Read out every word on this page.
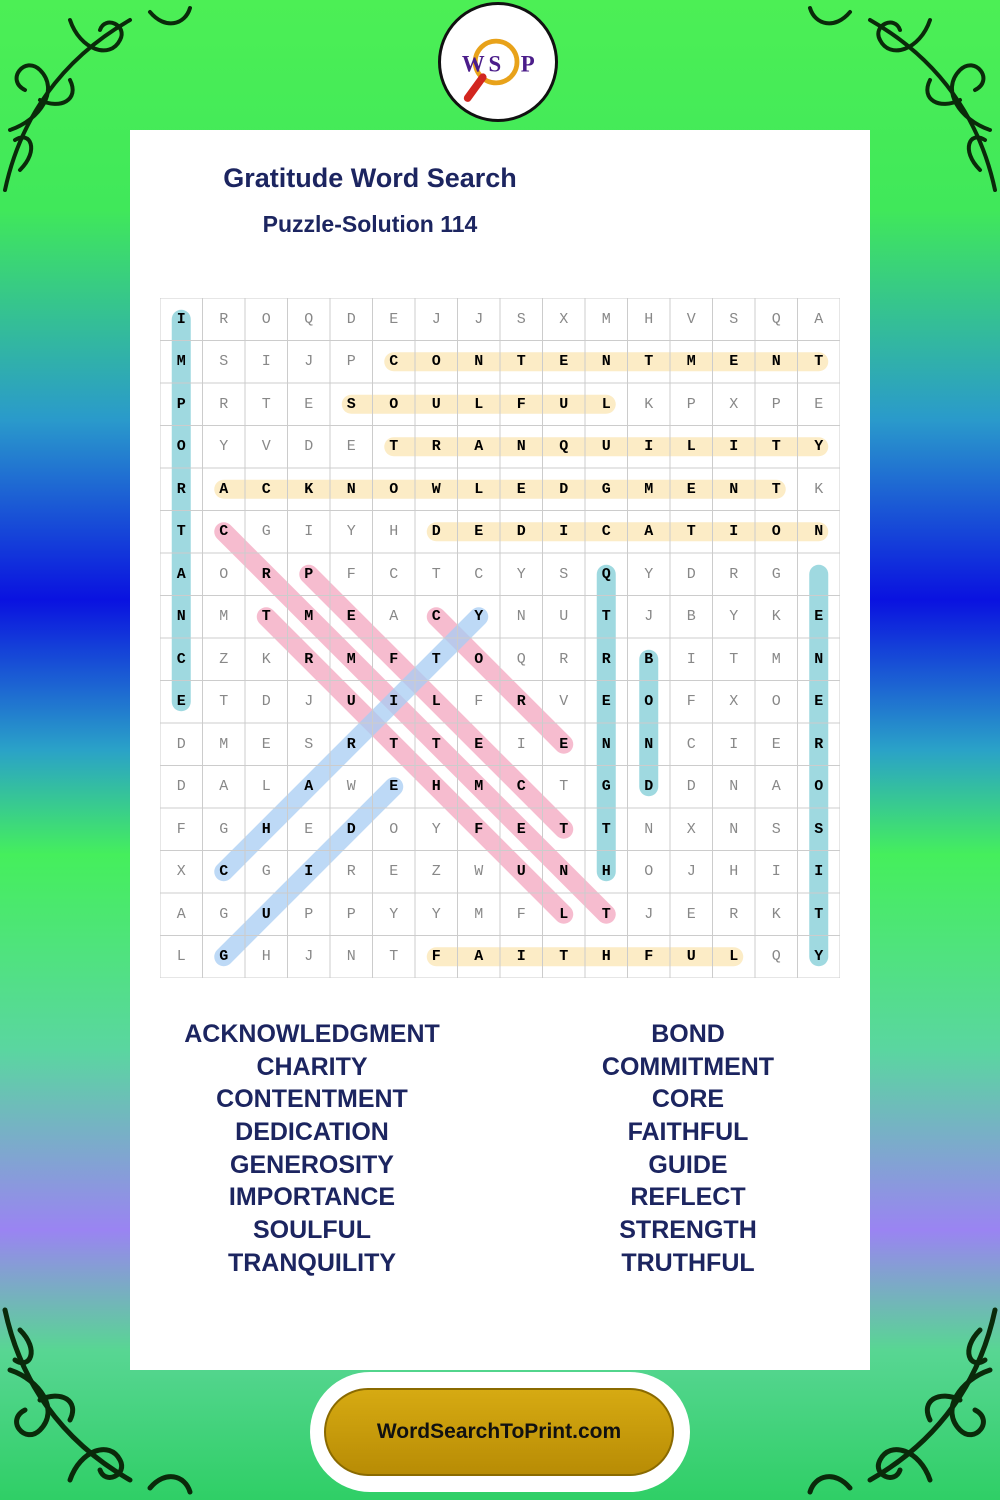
W S P
Gratitude Word Search
Puzzle-Solution 114
I	R	O	Q	D	E	J	J	S	X	M	H	V	S	Q	A
M	S	I	J	P	C	O	N	T	E	N	T	M	E	N	T
P	R	T	E	S	O	U	L	F	U	L	K	P	X	P	E
O	Y	V	D	E	T	R	A	N	Q	U	I	L	I	T	Y
R	A	C	K	N	O	W	L	E	D	G	M	E	N	T	K
T	C	G	I	Y	H	D	E	D	I	C	A	T	I	O	N
A	O	R	P	F	C	T	C	Y	S	Q	Y	D	R	G
N	M	T	M	E	A	C	Y	N	U	T	J	B	Y	K	E
C	Z	K	R	M	F	T	O	Q	R	R	B	I	T	M	N
E	T	D	J	U	I	L	F	R	V	E	O	F	X	O	E
D	M	E	S	R	T	T	E	I	E	N	N	C	I	E	R
D	A	L	A	W	E	H	M	C	T	G	D	D	N	A	O
F	G	H	E	D	O	Y	F	E	T	T	N	X	N	S	S
X	C	G	I	R	E	Z	W	U	N	H	O	J	H	I	I
A	G	U	P	P	Y	Y	M	F	L	T	J	E	R	K	T
L	G	H	J	N	T	F	A	I	T	H	F	U	L	Q	Y
ACKNOWLEDGMENT
CHARITY
CONTENTMENT
DEDICATION
GENEROSITY
IMPORTANCE
SOULFUL
TRANQUILITY
BOND
COMMITMENT
CORE
FAITHFUL
GUIDE
REFLECT
STRENGTH
TRUTHFUL
WordSearchToPrint.com
